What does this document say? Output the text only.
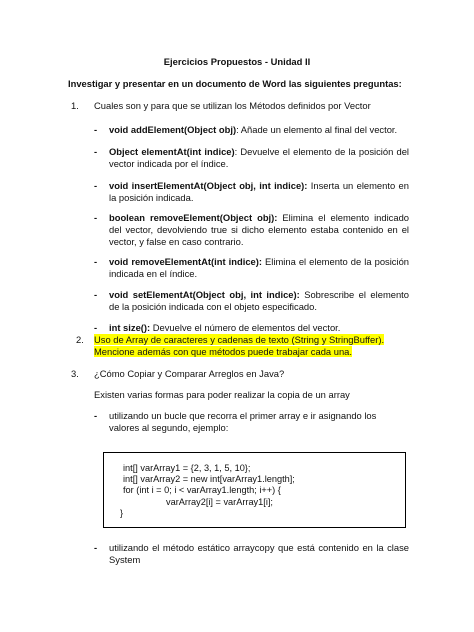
Ejercicios Propuestos - Unidad II
Investigar y presentar en un documento de Word las siguientes preguntas:
1. Cuales son y para que se utilizan los Métodos definidos por Vector
- void addElement(Object obj): Añade un elemento al final del vector.
- Object elementAt(int indice): Devuelve el elemento de la posición del vector indicada por el índice.
- void insertElementAt(Object obj, int indice): Inserta un elemento en la posición indicada.
- boolean removeElement(Object obj): Elimina el elemento indicado del vector, devolviendo true si dicho elemento estaba contenido en el vector, y false en caso contrario.
- void removeElementAt(int indice): Elimina el elemento de la posición indicada en el índice.
- void setElementAt(Object obj, int indice): Sobrescribe el elemento de la posición indicada con el objeto especificado.
- int size(): Devuelve el número de elementos del vector.
2. Uso de Array de caracteres y cadenas de texto (String y StringBuffer).
Mencione además con que métodos puede trabajar cada una.
3. ¿Cómo Copiar y Comparar Arreglos en Java?
Existen varias formas para poder realizar la copia de un array
- utilizando un bucle que recorra el primer array e ir asignando los valores al segundo, ejemplo:
int[] varArray1 = {2, 3, 1, 5, 10};
int[] varArray2 = new int[varArray1.length];
for (int i = 0; i < varArray1.length; i++) {
varArray2[i] = varArray1[i];
}
- utilizando el método estático arraycopy que está contenido en la clase System
